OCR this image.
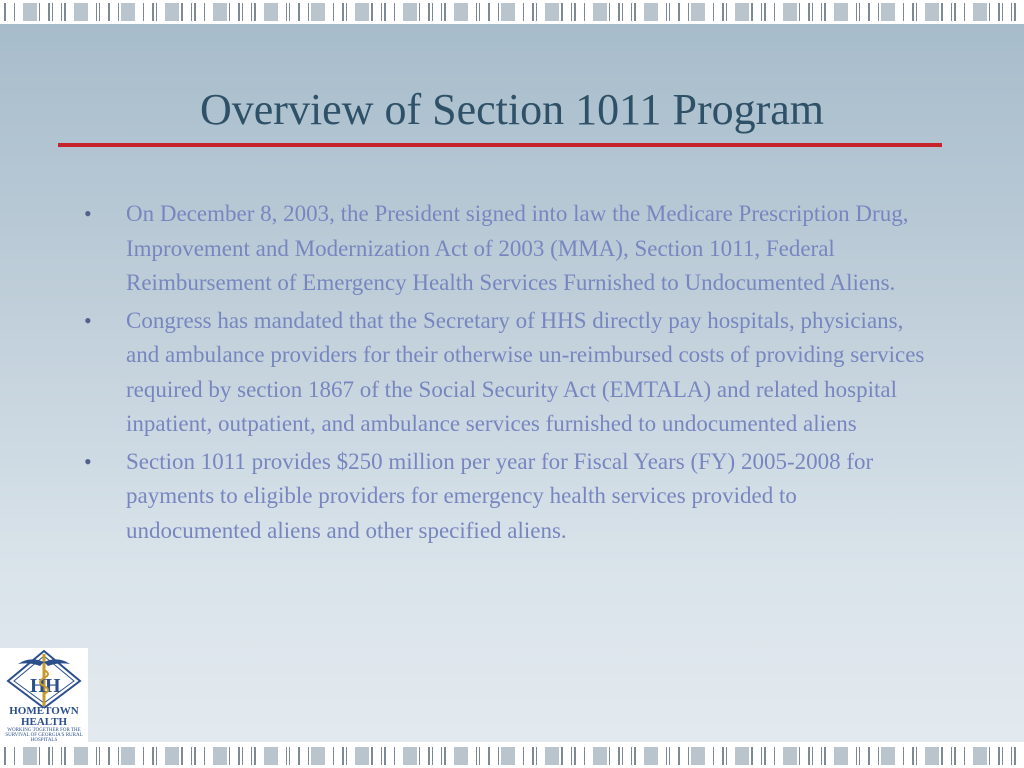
Overview of Section 1011 Program
• On December 8, 2003, the President signed into law the Medicare Prescription Drug, Improvement and Modernization Act of 2003 (MMA), Section 1011, Federal Reimbursement of Emergency Health Services Furnished to Undocumented Aliens.
• Congress has mandated that the Secretary of HHS directly pay hospitals, physicians, and ambulance providers for their otherwise un-reimbursed costs of providing services required by section 1867 of the Social Security Act (EMTALA) and related hospital inpatient, outpatient, and ambulance services furnished to undocumented aliens
• Section 1011 provides $250 million per year for Fiscal Years (FY) 2005-2008 for payments to eligible providers for emergency health services provided to undocumented aliens and other specified aliens.
H H
HOMETOWN
HEALTH
WORKING TOGETHER FOR THE SURVIVAL OF GEORGIA'S RURAL HOSPITALS
